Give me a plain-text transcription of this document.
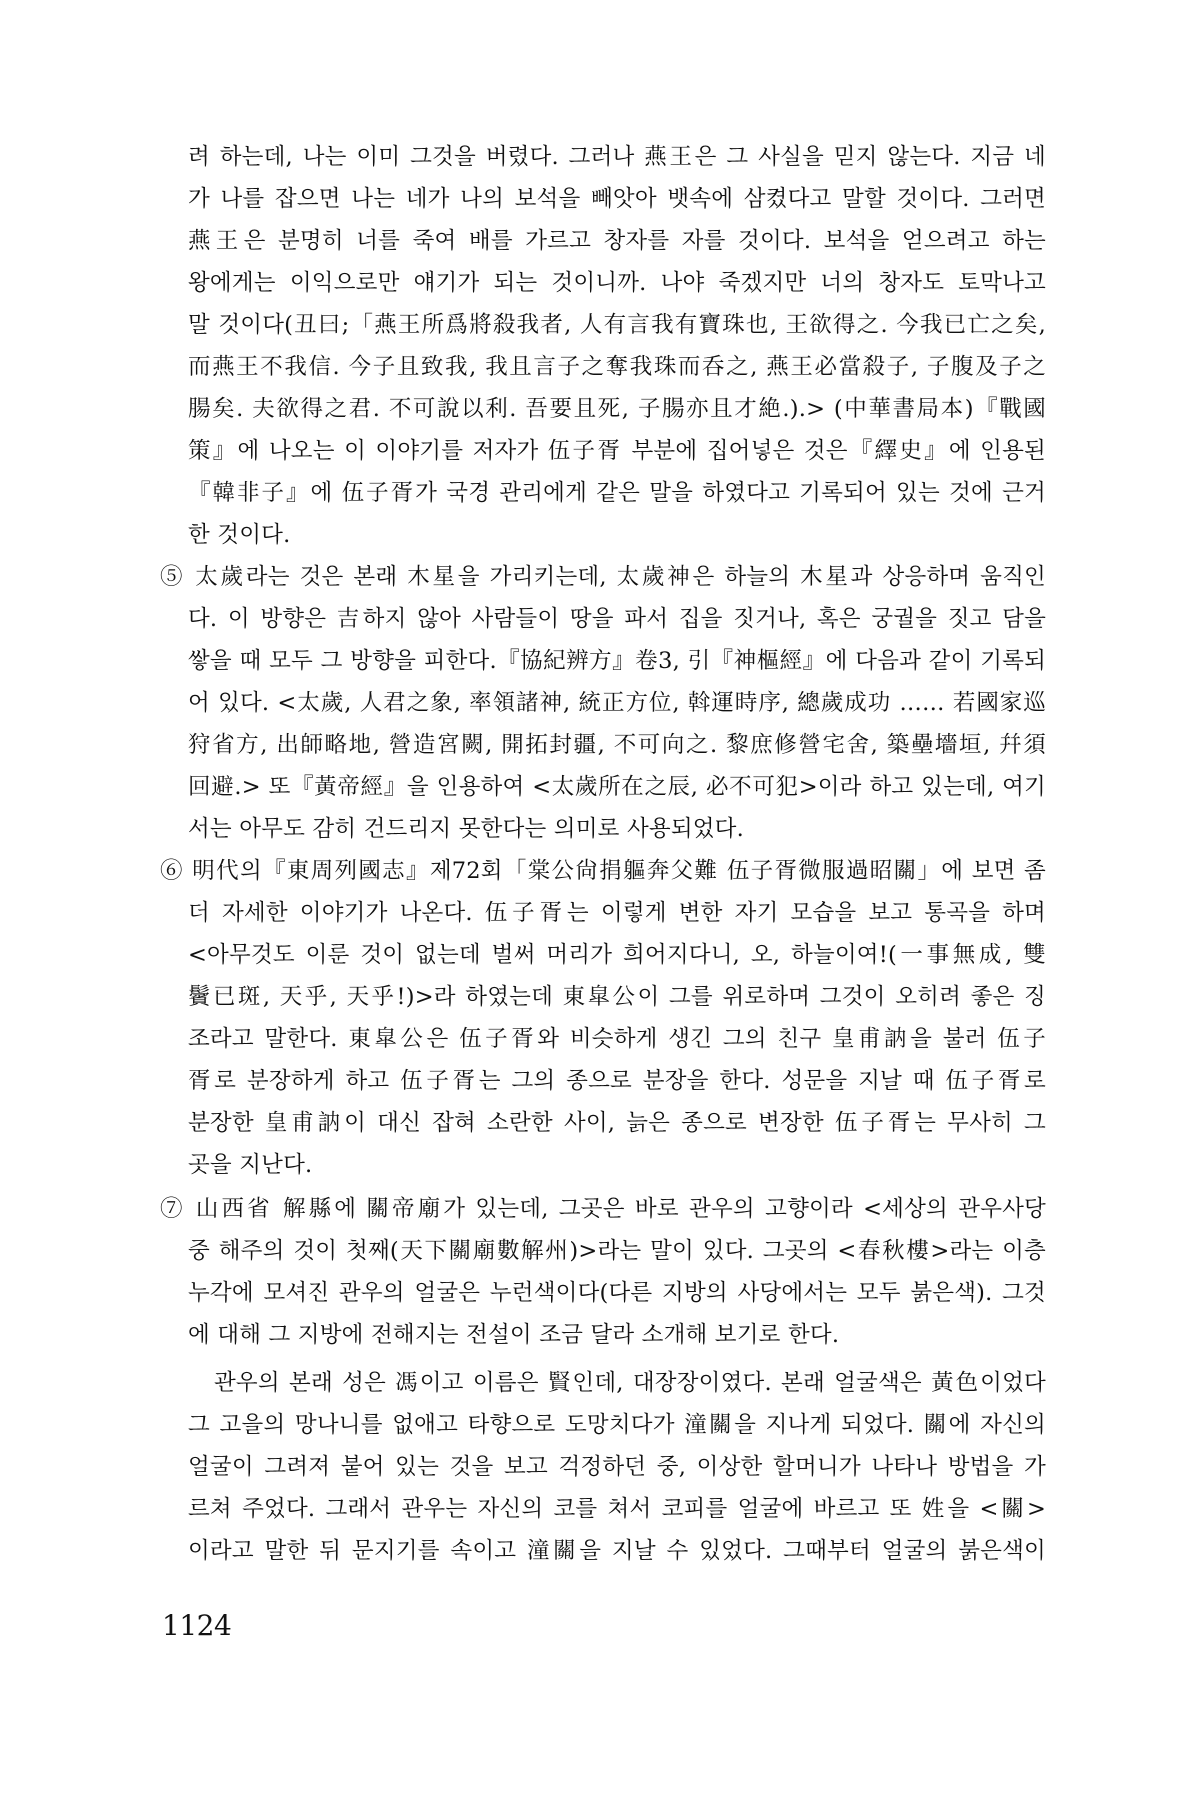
려 하는데, 나는 이미 그것을 버렸다. 그러나 燕王은 그 사실을 믿지 않는다. 지금 네
가 나를 잡으면 나는 네가 나의 보석을 빼앗아 뱃속에 삼켰다고 말할 것이다. 그러면
燕王은 분명히 너를 죽여 배를 가르고 창자를 자를 것이다. 보석을 얻으려고 하는
왕에게는 이익으로만 얘기가 되는 것이니까. 나야 죽겠지만 너의 창자도 토막나고
말 것이다(丑曰;「燕王所爲將殺我者, 人有言我有寶珠也, 王欲得之. 今我已亡之矣,
而燕王不我信. 今子且致我, 我且言子之奪我珠而呑之, 燕王必當殺子, 子腹及子之
腸矣. 夫欲得之君. 不可說以利. 吾要且死, 子腸亦且才絶.).> (中華書局本)『戰國
策』에 나오는 이 이야기를 저자가 伍子胥 부분에 집어넣은 것은『繹史』에 인용된
『韓非子』에 伍子胥가 국경 관리에게 같은 말을 하였다고 기록되어 있는 것에 근거
한 것이다.
⑤ 太歲라는 것은 본래 木星을 가리키는데, 太歲神은 하늘의 木星과 상응하며 움직인
다. 이 방향은 吉하지 않아 사람들이 땅을 파서 집을 짓거나, 혹은 궁궐을 짓고 담을
쌓을 때 모두 그 방향을 피한다.『協紀辨方』卷3, 引『神樞經』에 다음과 같이 기록되
어 있다. <太歲, 人君之象, 率領諸神, 統正方位, 斡運時序, 總歲成功 …… 若國家巡
狩省方, 出師略地, 營造宮闕, 開拓封疆, 不可向之. 黎庶修營宅舍, 築壘墻垣, 幷須
回避.> 또『黃帝經』을 인용하여 <太歲所在之辰, 必不可犯>이라 하고 있는데, 여기
서는 아무도 감히 건드리지 못한다는 의미로 사용되었다.
⑥ 明代의『東周列國志』제72회「棠公尙捐軀奔父難 伍子胥微服過昭關」에 보면 좀
더 자세한 이야기가 나온다. 伍子胥는 이렇게 변한 자기 모습을 보고 통곡을 하며
<아무것도 이룬 것이 없는데 벌써 머리가 희어지다니, 오, 하늘이여!(一事無成, 雙
鬢已斑, 天乎, 天乎!)>라 하였는데 東皐公이 그를 위로하며 그것이 오히려 좋은 징
조라고 말한다. 東皐公은 伍子胥와 비슷하게 생긴 그의 친구 皇甫訥을 불러 伍子
胥로 분장하게 하고 伍子胥는 그의 종으로 분장을 한다. 성문을 지날 때 伍子胥로
분장한 皇甫訥이 대신 잡혀 소란한 사이, 늙은 종으로 변장한 伍子胥는 무사히 그
곳을 지난다.
⑦ 山西省 解縣에 關帝廟가 있는데, 그곳은 바로 관우의 고향이라 <세상의 관우사당
중 해주의 것이 첫째(天下關廟數解州)>라는 말이 있다. 그곳의 <春秋樓>라는 이층
누각에 모셔진 관우의 얼굴은 누런색이다(다른 지방의 사당에서는 모두 붉은색). 그것
에 대해 그 지방에 전해지는 전설이 조금 달라 소개해 보기로 한다.
관우의 본래 성은 馮이고 이름은 賢인데, 대장장이였다. 본래 얼굴색은 黃色이었다
그 고을의 망나니를 없애고 타향으로 도망치다가 潼關을 지나게 되었다. 關에 자신의
얼굴이 그려져 붙어 있는 것을 보고 걱정하던 중, 이상한 할머니가 나타나 방법을 가
르쳐 주었다. 그래서 관우는 자신의 코를 쳐서 코피를 얼굴에 바르고 또 姓을 <關>
이라고 말한 뒤 문지기를 속이고 潼關을 지날 수 있었다. 그때부터 얼굴의 붉은색이
1124
